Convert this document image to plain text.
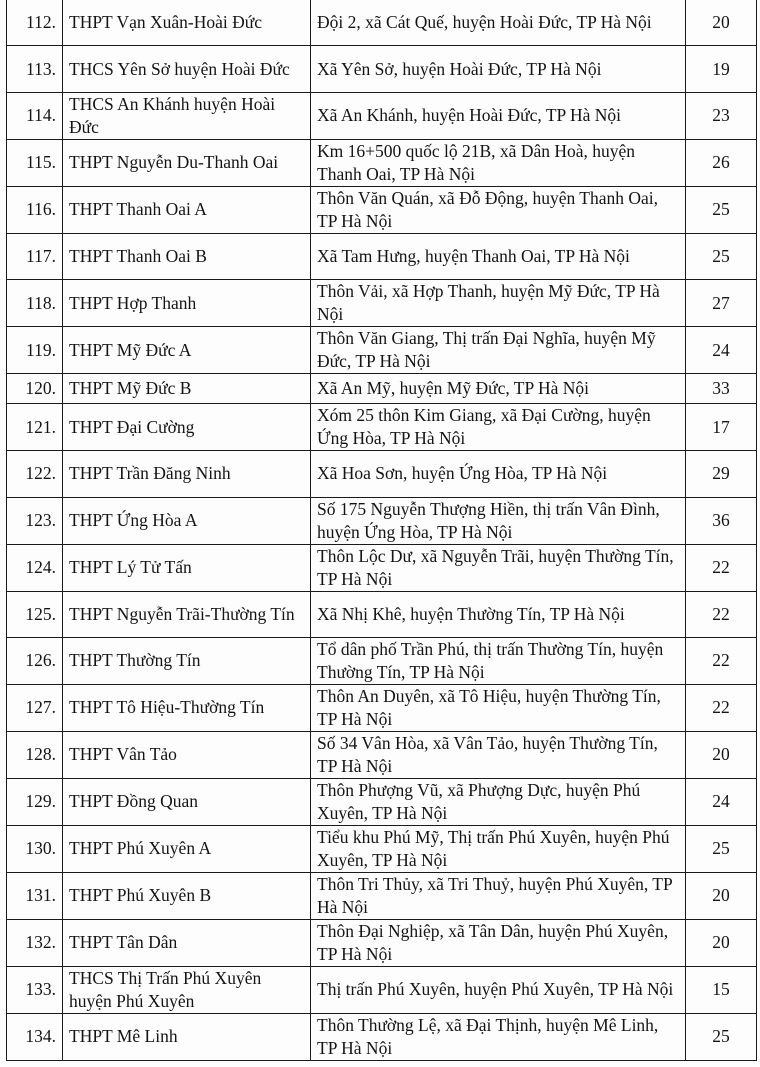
112.	THPT Vạn Xuân-Hoài Đức	Đội 2, xã Cát Quế, huyện Hoài Đức, TP Hà Nội	20

113.	THCS Yên Sở huyện Hoài Đức	Xã Yên Sở, huyện Hoài Đức, TP Hà Nội	19

114.	THCS An Khánh huyện Hoài Đức	Xã An Khánh, huyện Hoài Đức, TP Hà Nội	23

115.	THPT Nguyễn Du-Thanh Oai	Km 16+500 quốc lộ 21B, xã Dân Hoà, huyện Thanh Oai, TP Hà Nội	26

116.	THPT Thanh Oai A	Thôn Văn Quán, xã Đỗ Động, huyện Thanh Oai, TP Hà Nội	25

117.	THPT Thanh Oai B	Xã Tam Hưng, huyện Thanh Oai, TP Hà Nội	25

118.	THPT Hợp Thanh	Thôn Vải, xã Hợp Thanh, huyện Mỹ Đức, TP Hà Nội	27

119.	THPT Mỹ Đức A	Thôn Văn Giang, Thị trấn Đại Nghĩa, huyện Mỹ Đức, TP Hà Nội	24

120.	THPT Mỹ Đức B	Xã An Mỹ, huyện Mỹ Đức, TP Hà Nội	33

121.	THPT Đại Cường	Xóm 25 thôn Kim Giang, xã Đại Cường, huyện Ứng Hòa, TP Hà Nội	17

122.	THPT Trần Đăng Ninh	Xã Hoa Sơn, huyện Ứng Hòa, TP Hà Nội	29

123.	THPT Ứng Hòa A	Số 175 Nguyễn Thượng Hiền, thị trấn Vân Đình, huyện Ứng Hòa, TP Hà Nội	36

124.	THPT Lý Tử Tấn	Thôn Lộc Dư, xã Nguyễn Trãi, huyện Thường Tín, TP Hà Nội	22

125.	THPT Nguyễn Trãi-Thường Tín	Xã Nhị Khê, huyện Thường Tín, TP Hà Nội	22

126.	THPT Thường Tín	Tổ dân phố Trần Phú, thị trấn Thường Tín, huyện Thường Tín, TP Hà Nội	22

127.	THPT Tô Hiệu-Thường Tín	Thôn An Duyên, xã Tô Hiệu, huyện Thường Tín, TP Hà Nội	22

128.	THPT Vân Tảo	Số 34 Vân Hòa, xã Vân Tảo, huyện Thường Tín, TP Hà Nội	20

129.	THPT Đồng Quan	Thôn Phượng Vũ, xã Phượng Dực, huyện Phú Xuyên, TP Hà Nội	24

130.	THPT Phú Xuyên A	Tiểu khu Phú Mỹ, Thị trấn Phú Xuyên, huyện Phú Xuyên, TP Hà Nội	25

131.	THPT Phú Xuyên B	Thôn Tri Thủy, xã Tri Thuỷ, huyện Phú Xuyên, TP Hà Nội	20

132.	THPT Tân Dân	Thôn Đại Nghiệp, xã Tân Dân, huyện Phú Xuyên, TP Hà Nội	20

133.	THCS Thị Trấn Phú Xuyên huyện Phú Xuyên	Thị trấn Phú Xuyên, huyện Phú Xuyên, TP Hà Nội	15

134.	THPT Mê Linh	Thôn Thường Lệ, xã Đại Thịnh, huyện Mê Linh, TP Hà Nội	25
